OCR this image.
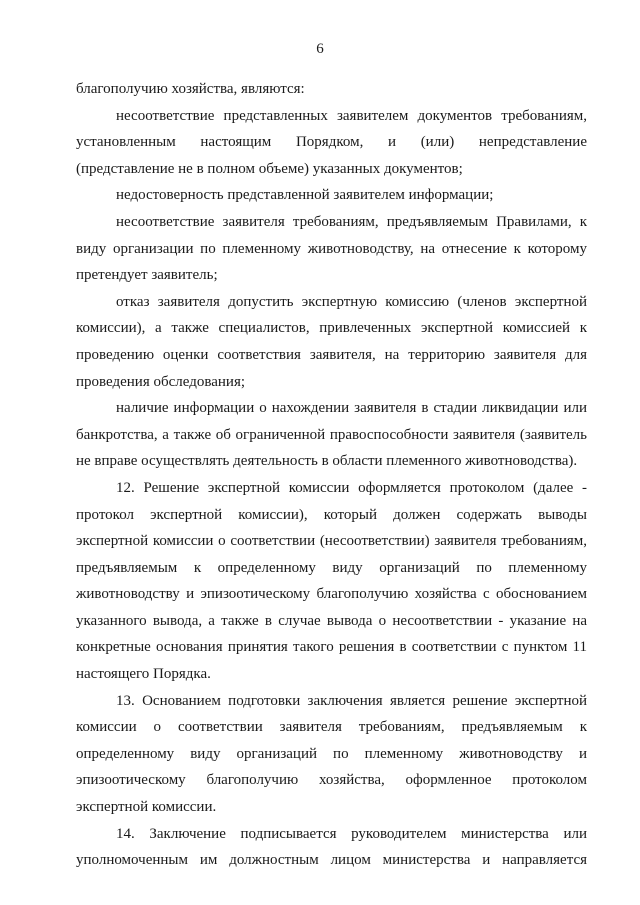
6
благополучию хозяйства, являются:
несоответствие представленных заявителем документов требованиям,
установленным настоящим Порядком, и (или) непредставление
(представление не в полном объеме) указанных документов;
недостоверность представленной заявителем информации;
несоответствие заявителя требованиям, предъявляемым Правилами, к
виду организации по племенному животноводству, на отнесение к которому
претендует заявитель;
отказ заявителя допустить экспертную комиссию (членов экспертной
комиссии), а также специалистов, привлеченных экспертной комиссией к
проведению оценки соответствия заявителя, на территорию заявителя для
проведения обследования;
наличие информации о нахождении заявителя в стадии ликвидации или
банкротства, а также об ограниченной правоспособности заявителя (заявитель
не вправе осуществлять деятельность в области племенного животноводства).
12. Решение экспертной комиссии оформляется протоколом (далее -
протокол экспертной комиссии), который должен содержать выводы
экспертной комиссии о соответствии (несоответствии) заявителя требованиям,
предъявляемым к определенному виду организаций по племенному
животноводству и эпизоотическому благополучию хозяйства с обоснованием
указанного вывода, а также в случае вывода о несоответствии - указание на
конкретные основания принятия такого решения в соответствии с пунктом 11
настоящего Порядка.
13. Основанием подготовки заключения является решение экспертной
комиссии о соответствии заявителя требованиям, предъявляемым к
определенному виду организаций по племенному животноводству и
эпизоотическому благополучию хозяйства, оформленное протоколом
экспертной комиссии.
14. Заключение подписывается руководителем министерства или
уполномоченным им должностным лицом министерства и направляется
